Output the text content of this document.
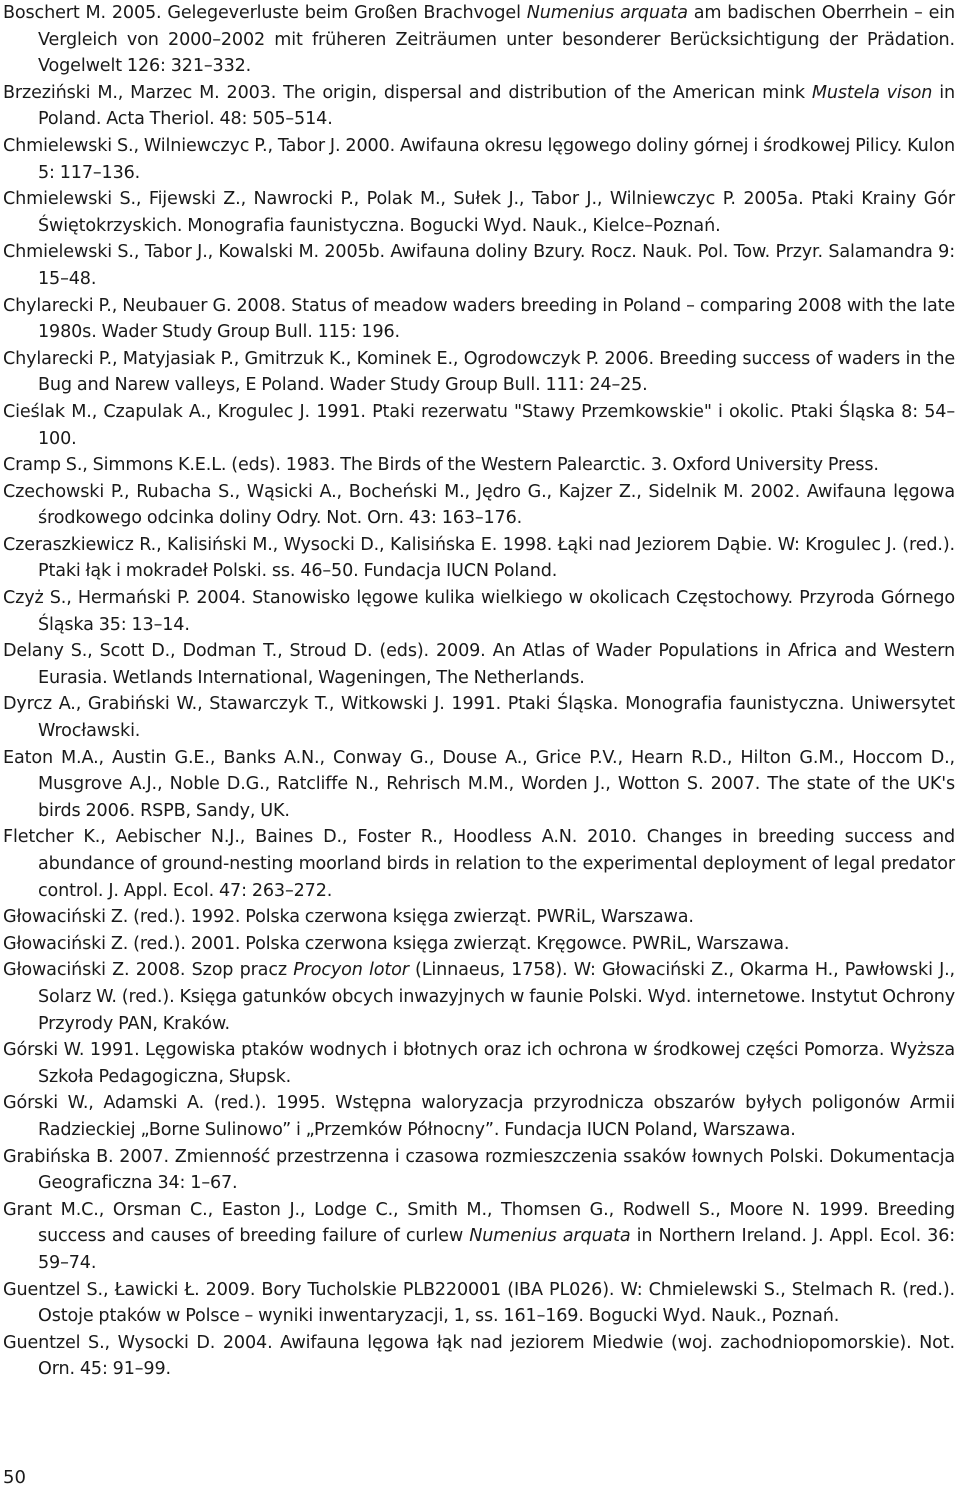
Boschert M. 2005. Gelegeverluste beim Großen Brachvogel Numenius arquata am badischen Oberrhein – ein Vergleich von 2000–2002 mit früheren Zeiträumen unter besonderer Berücksichtigung der Prädation. Vogelwelt 126: 321–332.

Brzeziński M., Marzec M. 2003. The origin, dispersal and distribution of the American mink Mustela vison in Poland. Acta Theriol. 48: 505–514.

Chmielewski S., Wilniewczyc P., Tabor J. 2000. Awifauna okresu lęgowego doliny górnej i środkowej Pilicy. Kulon 5: 117–136.

Chmielewski S., Fijewski Z., Nawrocki P., Polak M., Sułek J., Tabor J., Wilniewczyc P. 2005a. Ptaki Krainy Gór Świętokrzyskich. Monografia faunistyczna. Bogucki Wyd. Nauk., Kielce–Poznań.

Chmielewski S., Tabor J., Kowalski M. 2005b. Awifauna doliny Bzury. Rocz. Nauk. Pol. Tow. Przyr. Salamandra 9: 15–48.

Chylarecki P., Neubauer G. 2008. Status of meadow waders breeding in Poland – comparing 2008 with the late 1980s. Wader Study Group Bull. 115: 196.

Chylarecki P., Matyjasiak P., Gmitrzuk K., Kominek E., Ogrodowczyk P. 2006. Breeding success of waders in the Bug and Narew valleys, E Poland. Wader Study Group Bull. 111: 24–25.

Cieślak M., Czapulak A., Krogulec J. 1991. Ptaki rezerwatu "Stawy Przemkowskie" i okolic. Ptaki Śląska 8: 54–100.

Cramp S., Simmons K.E.L. (eds). 1983. The Birds of the Western Palearctic. 3. Oxford University Press.

Czechowski P., Rubacha S., Wąsicki A., Bocheński M., Jędro G., Kajzer Z., Sidelnik M. 2002. Awifauna lęgowa środkowego odcinka doliny Odry. Not. Orn. 43: 163–176.

Czeraszkiewicz R., Kalisiński M., Wysocki D., Kalisińska E. 1998. Łąki nad Jeziorem Dąbie. W: Krogulec J. (red.). Ptaki łąk i mokradeł Polski. ss. 46–50. Fundacja IUCN Poland.

Czyż S., Hermański P. 2004. Stanowisko lęgowe kulika wielkiego w okolicach Częstochowy. Przyroda Górnego Śląska 35: 13–14.

Delany S., Scott D., Dodman T., Stroud D. (eds). 2009. An Atlas of Wader Populations in Africa and Western Eurasia. Wetlands International, Wageningen, The Netherlands.

Dyrcz A., Grabiński W., Stawarczyk T., Witkowski J. 1991. Ptaki Śląska. Monografia faunistyczna. Uniwersytet Wrocławski.

Eaton M.A., Austin G.E., Banks A.N., Conway G., Douse A., Grice P.V., Hearn R.D., Hilton G.M., Hoccom D., Musgrove A.J., Noble D.G., Ratcliffe N., Rehrisch M.M., Worden J., Wotton S. 2007. The state of the UK's birds 2006. RSPB, Sandy, UK.

Fletcher K., Aebischer N.J., Baines D., Foster R., Hoodless A.N. 2010. Changes in breeding success and abundance of ground-nesting moorland birds in relation to the experimental deployment of legal predator control. J. Appl. Ecol. 47: 263–272.

Głowaciński Z. (red.). 1992. Polska czerwona księga zwierząt. PWRiL, Warszawa.

Głowaciński Z. (red.). 2001. Polska czerwona księga zwierząt. Kręgowce. PWRiL, Warszawa.

Głowaciński Z. 2008. Szop pracz Procyon lotor (Linnaeus, 1758). W: Głowaciński Z., Okarma H., Pawłowski J., Solarz W. (red.). Księga gatunków obcych inwazyjnych w faunie Polski. Wyd. internetowe. Instytut Ochrony Przyrody PAN, Kraków.

Górski W. 1991. Lęgowiska ptaków wodnych i błotnych oraz ich ochrona w środkowej części Pomorza. Wyższa Szkoła Pedagogiczna, Słupsk.

Górski W., Adamski A. (red.). 1995. Wstępna waloryzacja przyrodnicza obszarów byłych poligonów Armii Radzieckiej „Borne Sulinowo” i „Przemków Północny”. Fundacja IUCN Poland, Warszawa.

Grabińska B. 2007. Zmienność przestrzenna i czasowa rozmieszczenia ssaków łownych Polski. Dokumentacja Geograficzna 34: 1–67.

Grant M.C., Orsman C., Easton J., Lodge C., Smith M., Thomsen G., Rodwell S., Moore N. 1999. Breeding success and causes of breeding failure of curlew Numenius arquata in Northern Ireland. J. Appl. Ecol. 36: 59–74.

Guentzel S., Ławicki Ł. 2009. Bory Tucholskie PLB220001 (IBA PL026). W: Chmielewski S., Stelmach R. (red.). Ostoje ptaków w Polsce – wyniki inwentaryzacji, 1, ss. 161–169. Bogucki Wyd. Nauk., Poznań.

Guentzel S., Wysocki D. 2004. Awifauna lęgowa łąk nad jeziorem Miedwie (woj. zachodniopomorskie). Not. Orn. 45: 91–99.

50
